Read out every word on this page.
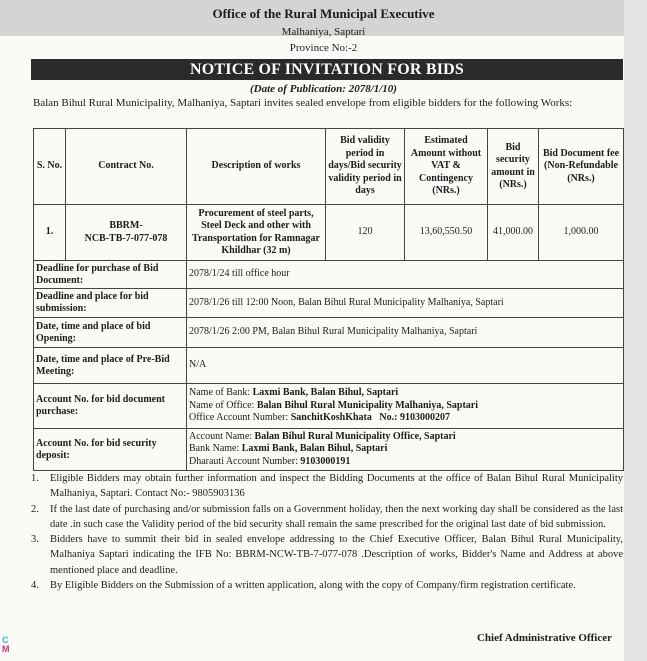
Office of the Rural Municipal Executive
Malhaniya, Saptari
Province No:-2
NOTICE OF INVITATION FOR BIDS
(Date of Publication: 2078/1/10)
Balan Bihul Rural Municipality, Malhaniya, Saptari invites sealed envelope from eligible bidders for the following Works:
S. No.	Contract No.	Description of works	Bid validity period in days/Bid security validity period in days	Estimated Amount without VAT & Contingency (NRs.)	Bid security amount in (NRs.)	Bid Document fee (Non-Refundable (NRs.)
1.	BBRM-
NCB-TB-7-077-078	Procurement of steel parts, Steel Deck and other with Transportation for Ramnagar Khildhar (32 m)	120	13,60,550.50	41,000.00	1,000.00
Deadline for purchase of Bid Document:		2078/1/24 till office hour				
Deadline and place for bid submission:		2078/1/26 till 12:00 Noon, Balan Bihul Rural Municipality Malhaniya, Saptari				
Date, time and place of bid Opening:		2078/1/26 2:00 PM, Balan Bihul Rural Municipality Malhaniya, Saptari				
Date, time and place of Pre-Bid Meeting:		N/A				
Account No. for bid document purchase:		Name of Bank: Laxmi Bank, Balan Bihul, Saptari
Name of Office: Balan Bihul Rural Municipality Malhaniya, Saptari
Office Account Number: SanchitKoshKhata No.: 9103000207				

Account No. for bid security deposit:		Account Name: Balan Bihul Rural Municipality Office, Saptari
Bank Name: Laxmi Bank, Balan Bihul, Saptari
Dharauti Account Number: 9103000191				
1.	Eligible Bidders may obtain further information and inspect the Bidding Documents at the office of Balan Bihul Rural Municipality Malhaniya, Saptari. Contact No:- 9805903136
2.	If the last date of purchasing and/or submission falls on a Government holiday, then the next working day shall be considered as the last date .in such case the Validity period of the bid security shall remain the same prescribed for the original last date of bid submission.
3.	Bidders have to summit their bid in sealed envelope addressing to the Chief Executive Officer, Balan Bihul Rural Municipality, Malhaniya Saptari indicating the IFB No: BBRM-NCW-TB-7-077-078 .Description of works, Bidder's Name and Address at above mentioned place and deadline.
4.	By Eligible Bidders on the Submission of a written application, along with the copy of Company/firm registration certificate.
Chief Administrative Officer
C
M
